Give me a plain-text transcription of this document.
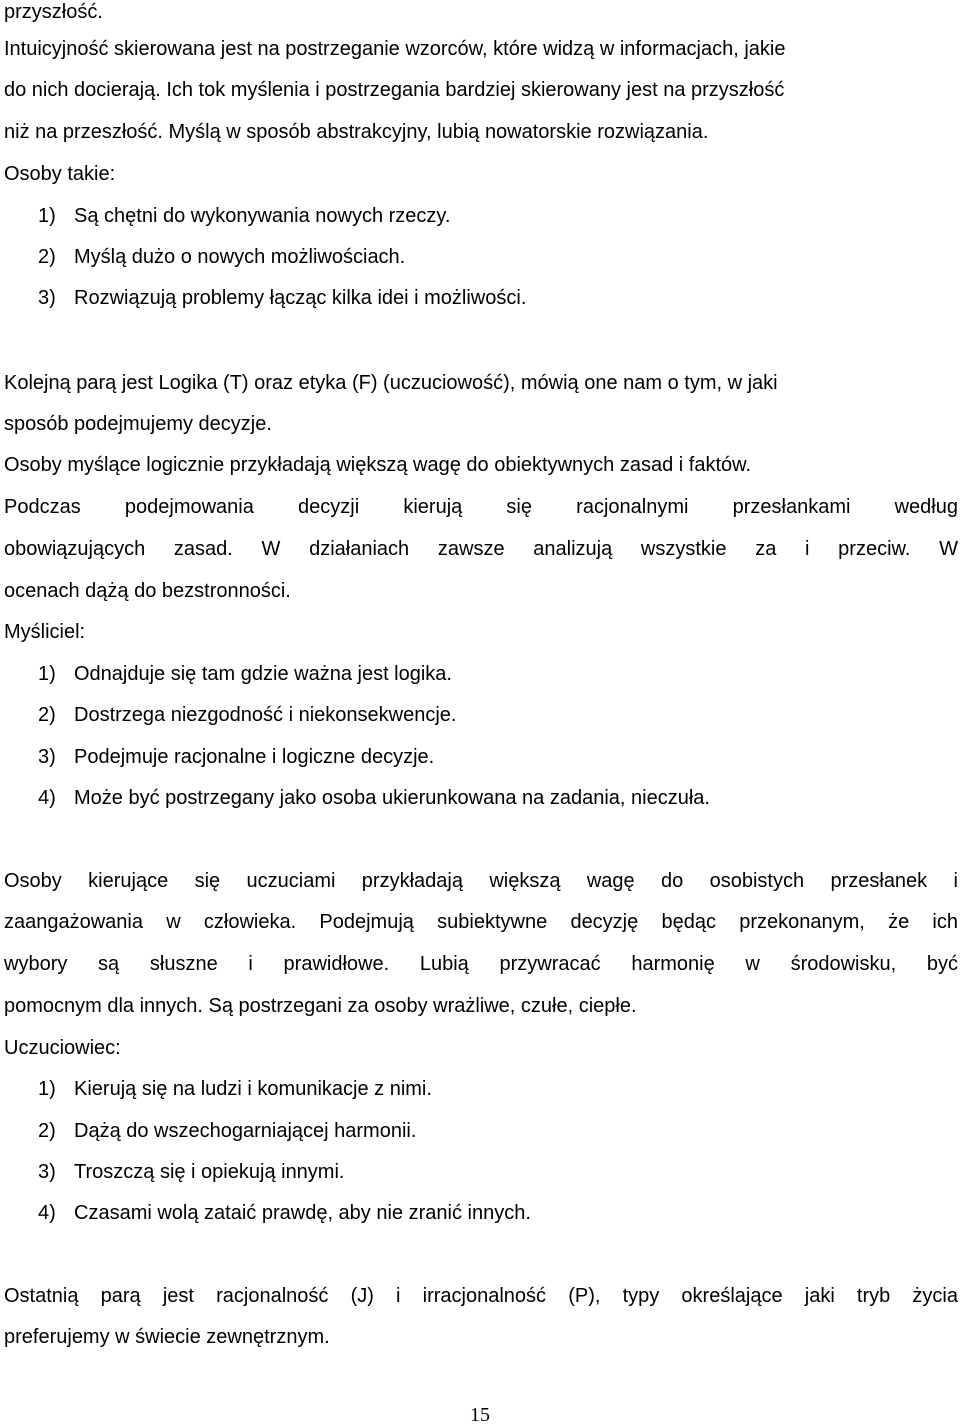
przyszłość.
Intuicyjność skierowana jest na postrzeganie wzorców, które widzą w informacjach, jakie
do nich docierają. Ich tok myślenia i postrzegania bardziej skierowany jest na przyszłość
niż na przeszłość. Myślą w sposób abstrakcyjny, lubią nowatorskie rozwiązania.
Osoby takie:
1) Są chętni do wykonywania nowych rzeczy.
2) Myślą dużo o nowych możliwościach.
3) Rozwiązują problemy łącząc kilka idei i możliwości.
Kolejną parą jest Logika (T) oraz etyka (F) (uczuciowość), mówią one nam o tym, w jaki
sposób podejmujemy decyzje.
Osoby myślące logicznie przykładają większą wagę do obiektywnych zasad i faktów.
Podczas podejmowania decyzji kierują się racjonalnymi przesłankami według
obowiązujących zasad. W działaniach zawsze analizują wszystkie za i przeciw. W
ocenach dążą do bezstronności.
Myśliciel:
1) Odnajduje się tam gdzie ważna jest logika.
2) Dostrzega niezgodność i niekonsekwencje.
3) Podejmuje racjonalne i logiczne decyzje.
4) Może być postrzegany jako osoba ukierunkowana na zadania, nieczuła.
Osoby kierujące się uczuciami przykładają większą wagę do osobistych przesłanek i
zaangażowania w człowieka. Podejmują subiektywne decyzję będąc przekonanym, że ich
wybory są słuszne i prawidłowe. Lubią przywracać harmonię w środowisku, być
pomocnym dla innych. Są postrzegani za osoby wrażliwe, czułe, ciepłe.
Uczuciowiec:
1) Kierują się na ludzi i komunikacje z nimi.
2) Dążą do wszechogarniającej harmonii.
3) Troszczą się i opiekują innymi.
4) Czasami wolą zataić prawdę, aby nie zranić innych.
Ostatnią parą jest racjonalność (J) i irracjonalność (P), typy określające jaki tryb życia
preferujemy w świecie zewnętrznym.
15
